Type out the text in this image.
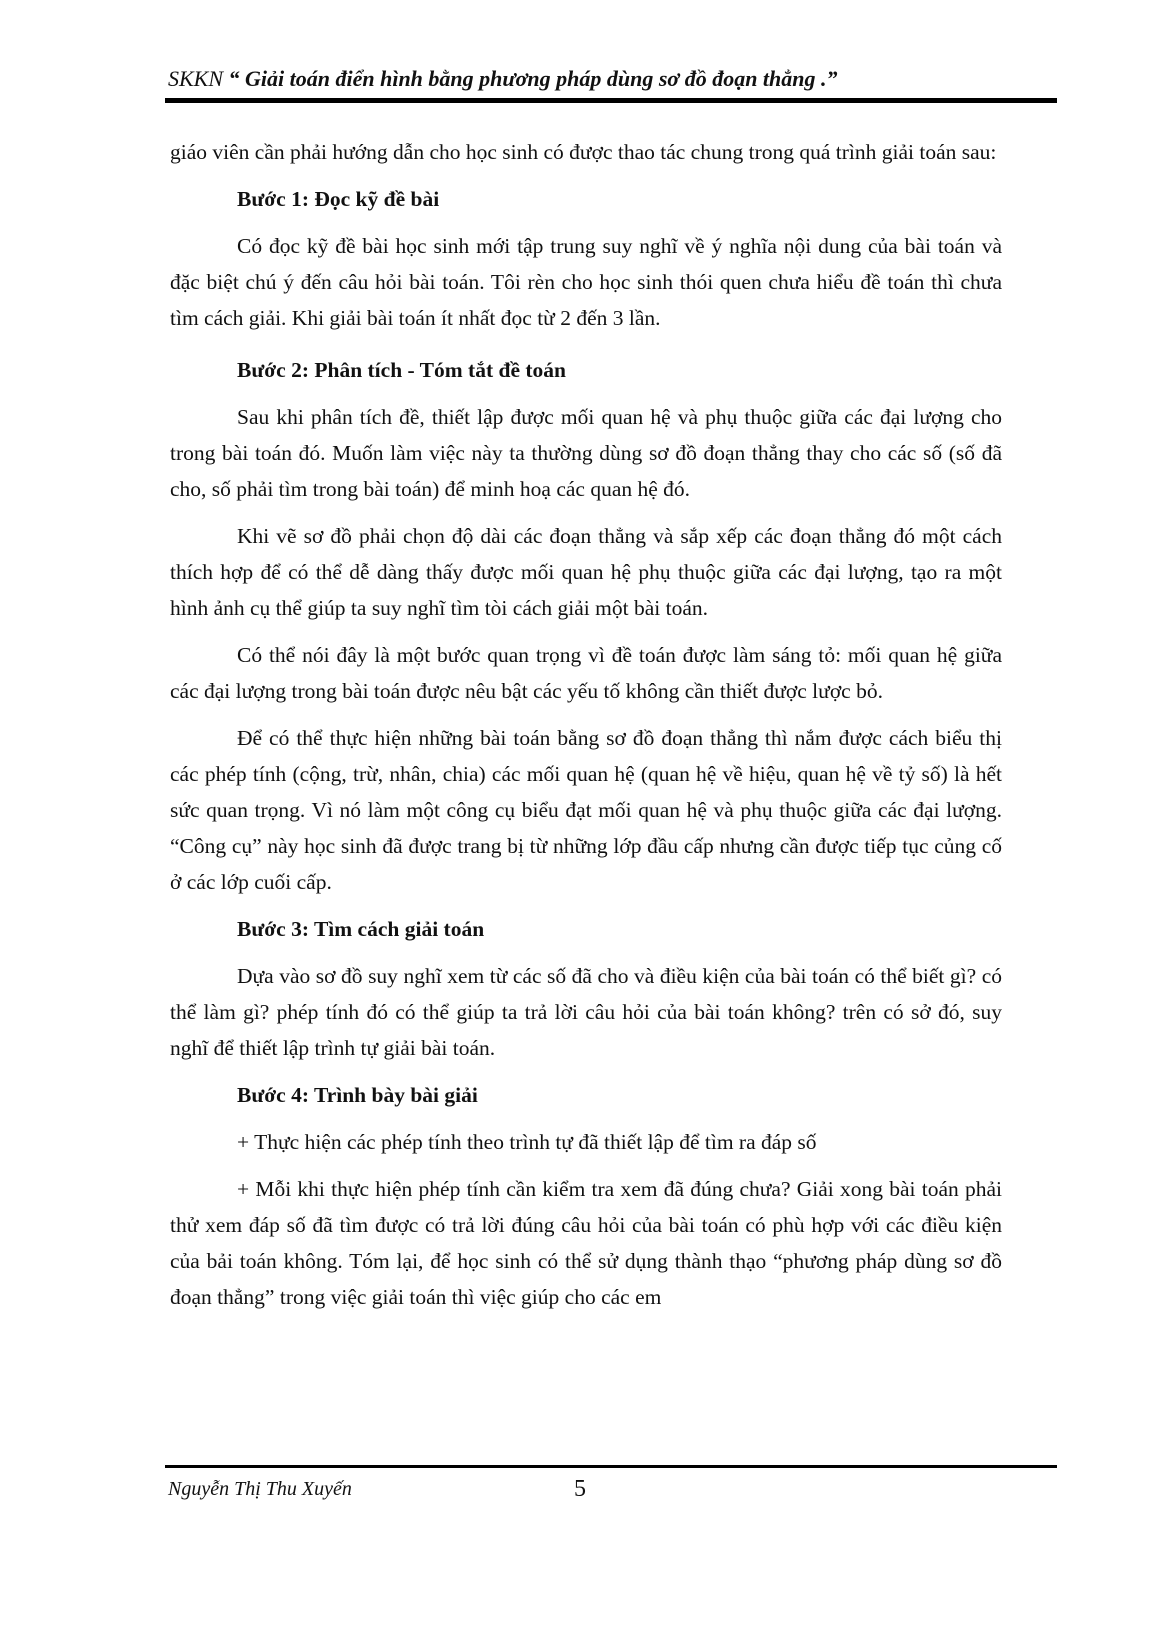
SKKN “ Giải toán điển hình bằng phương pháp dùng sơ đồ đoạn thẳng .”

giáo viên cần phải hướng dẫn cho học sinh có được thao tác chung trong quá trình giải toán sau:

Bước 1: Đọc kỹ đề bài

Có đọc kỹ đề bài học sinh mới tập trung suy nghĩ về ý nghĩa nội dung của bài toán và đặc biệt chú ý đến câu hỏi bài toán. Tôi rèn cho học sinh thói quen chưa hiểu đề toán thì chưa tìm cách giải. Khi giải bài toán ít nhất đọc từ 2 đến 3 lần.

Bước 2: Phân tích - Tóm tắt đề toán

Sau khi phân tích đề, thiết lập được mối quan hệ và phụ thuộc giữa các đại lượng cho trong bài toán đó. Muốn làm việc này ta thường dùng sơ đồ đoạn thẳng thay cho các số (số đã cho, số phải tìm trong bài toán) để minh hoạ các quan hệ đó.

Khi vẽ sơ đồ phải chọn độ dài các đoạn thẳng và sắp xếp các đoạn thẳng đó một cách thích hợp để có thể dễ dàng thấy được mối quan hệ phụ thuộc giữa các đại lượng, tạo ra một hình ảnh cụ thể giúp ta suy nghĩ tìm tòi cách giải một bài toán.

Có thể nói đây là một bước quan trọng vì đề toán được làm sáng tỏ: mối quan hệ giữa các đại lượng trong bài toán được nêu bật các yếu tố không cần thiết được lược bỏ.

Để có thể thực hiện những bài toán bằng sơ đồ đoạn thẳng thì nắm được cách biểu thị các phép tính (cộng, trừ, nhân, chia) các mối quan hệ (quan hệ về hiệu, quan hệ về tỷ số) là hết sức quan trọng. Vì nó làm một công cụ biểu đạt mối quan hệ và phụ thuộc giữa các đại lượng. “Công cụ” này học sinh đã được trang bị từ những lớp đầu cấp nhưng cần được tiếp tục củng cố ở các lớp cuối cấp.

Bước 3: Tìm cách giải toán

Dựa vào sơ đồ suy nghĩ xem từ các số đã cho và điều kiện của bài toán có thể biết gì? có thể làm gì? phép tính đó có thể giúp ta trả lời câu hỏi của bài toán không? trên có sở đó, suy nghĩ để thiết lập trình tự giải bài toán.

Bước 4: Trình bày bài giải

+ Thực hiện các phép tính theo trình tự đã thiết lập để tìm ra đáp số

+ Mỗi khi thực hiện phép tính cần kiểm tra xem đã đúng chưa? Giải xong bài toán phải thử xem đáp số đã tìm được có trả lời đúng câu hỏi của bài toán có phù hợp với các điều kiện của bải toán không. Tóm lại, để học sinh có thể sử dụng thành thạo “phương pháp dùng sơ đồ đoạn thẳng” trong việc giải toán thì việc giúp cho các em

Nguyễn Thị Thu Xuyến	5
